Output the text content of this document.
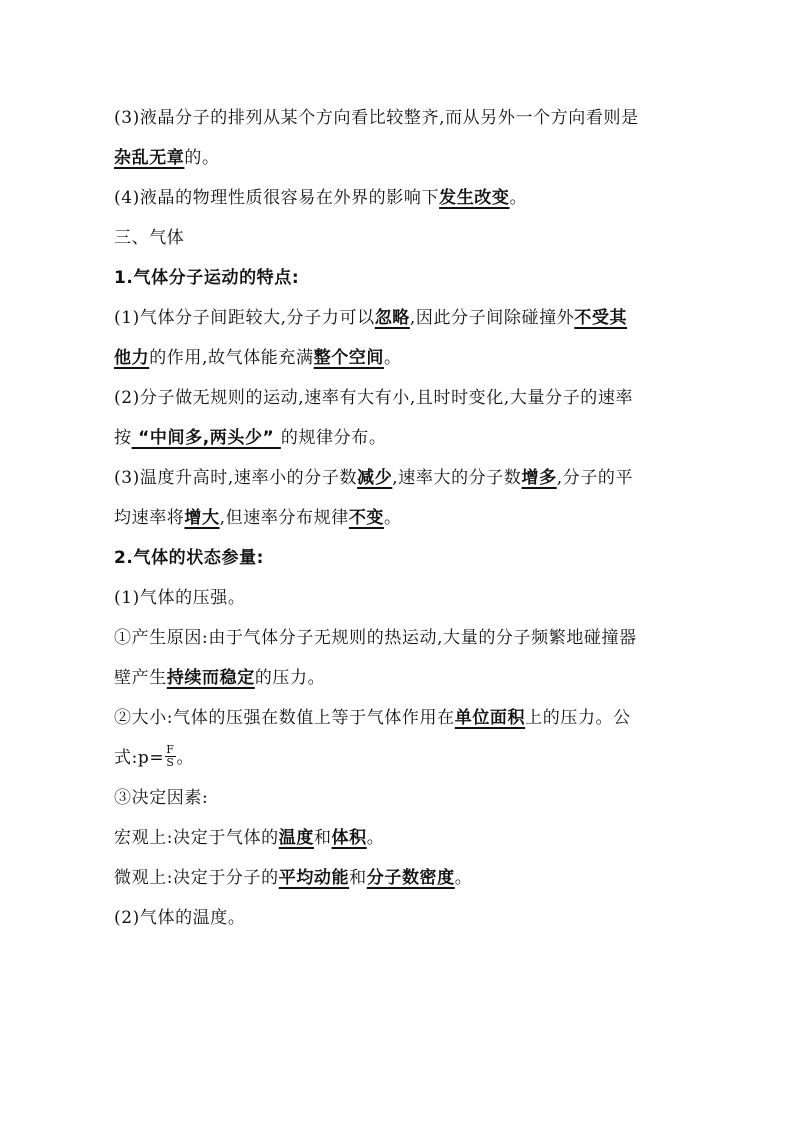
(3)液晶分子的排列从某个方向看比较整齐,而从另外一个方向看则是
杂乱无章的。
(4)液晶的物理性质很容易在外界的影响下发生改变。
三、气体
1.气体分子运动的特点:
(1)气体分子间距较大,分子力可以忽略,因此分子间除碰撞外不受其
他力的作用,故气体能充满整个空间。
(2)分子做无规则的运动,速率有大有小,且时时变化,大量分子的速率
按 “中间多,两头少” 的规律分布。
(3)温度升高时,速率小的分子数减少,速率大的分子数增多,分子的平
均速率将增大,但速率分布规律不变。
2.气体的状态参量:
(1)气体的压强。
①产生原因:由于气体分子无规则的热运动,大量的分子频繁地碰撞器
壁产生持续而稳定的压力。
②大小:气体的压强在数值上等于气体作用在单位面积上的压力。公
式:p= $\frac{F}{S}$ 。
③决定因素:
宏观上:决定于气体的温度和体积。
微观上:决定于分子的平均动能和分子数密度。
(2)气体的温度。
